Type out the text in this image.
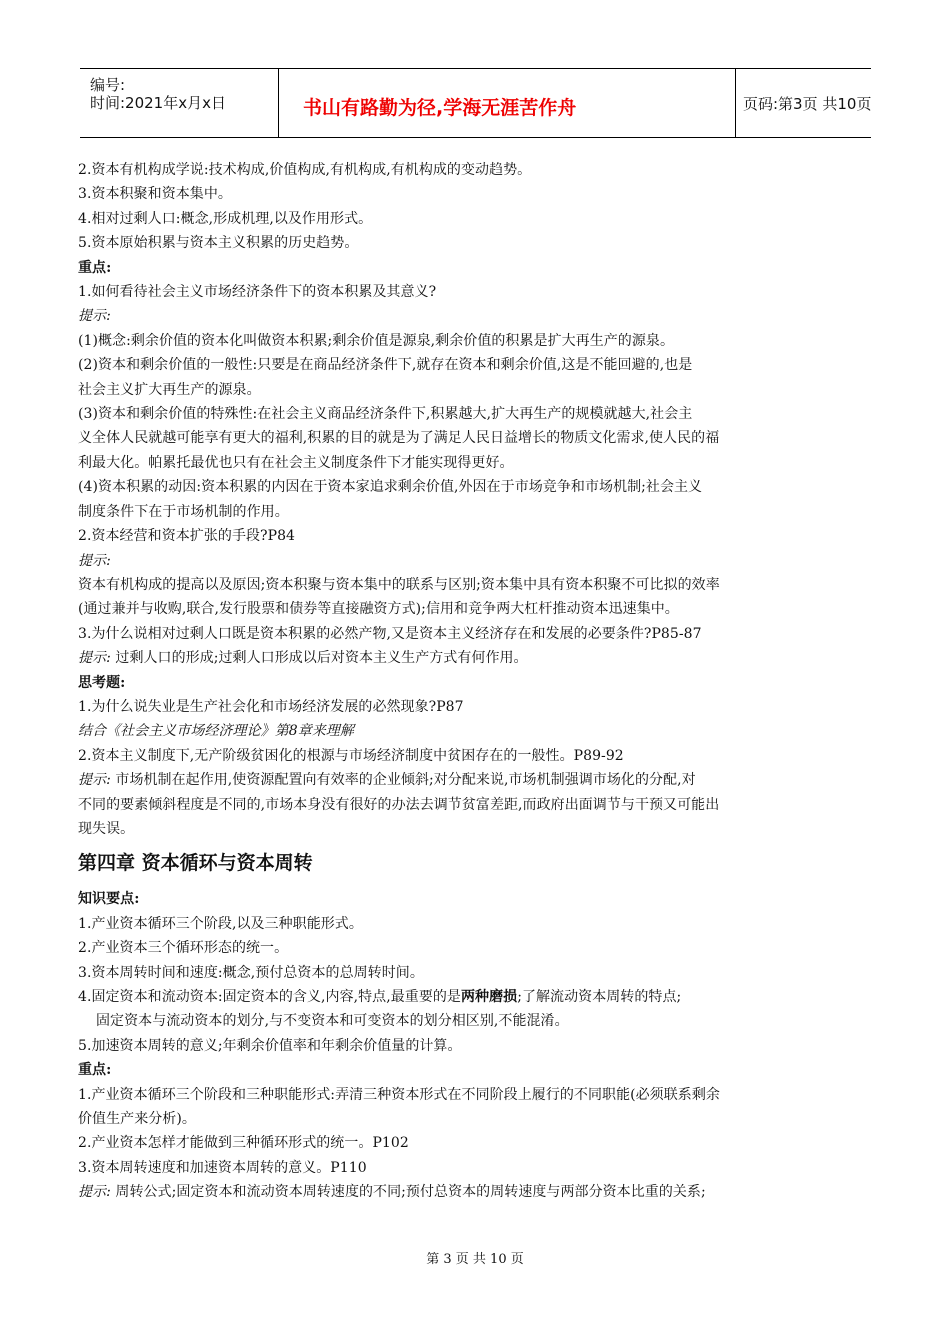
编号:
时间:2021年x月x日	书山有路勤为径,学海无涯苦作舟	页码:第3页 共10页
2.资本有机构成学说:技术构成,价值构成,有机构成,有机构成的变动趋势。
3.资本积聚和资本集中。
4.相对过剩人口:概念,形成机理,以及作用形式。
5.资本原始积累与资本主义积累的历史趋势。
重点:
1.如何看待社会主义市场经济条件下的资本积累及其意义?
提示:
(1)概念:剩余价值的资本化叫做资本积累;剩余价值是源泉,剩余价值的积累是扩大再生产的源泉。
(2)资本和剩余价值的一般性:只要是在商品经济条件下,就存在资本和剩余价值,这是不能回避的,也是
社会主义扩大再生产的源泉。
(3)资本和剩余价值的特殊性:在社会主义商品经济条件下,积累越大,扩大再生产的规模就越大,社会主
义全体人民就越可能享有更大的福利,积累的目的就是为了满足人民日益增长的物质文化需求,使人民的福
利最大化。帕累托最优也只有在社会主义制度条件下才能实现得更好。
(4)资本积累的动因:资本积累的内因在于资本家追求剩余价值,外因在于市场竞争和市场机制;社会主义
制度条件下在于市场机制的作用。
2.资本经营和资本扩张的手段?P84
提示:
资本有机构成的提高以及原因;资本积聚与资本集中的联系与区别;资本集中具有资本积聚不可比拟的效率
(通过兼并与收购,联合,发行股票和债券等直接融资方式);信用和竞争两大杠杆推动资本迅速集中。
3.为什么说相对过剩人口既是资本积累的必然产物,又是资本主义经济存在和发展的必要条件?P85-87
提示: 过剩人口的形成;过剩人口形成以后对资本主义生产方式有何作用。
思考题:
1.为什么说失业是生产社会化和市场经济发展的必然现象?P87
结合《社会主义市场经济理论》第8章来理解
2.资本主义制度下,无产阶级贫困化的根源与市场经济制度中贫困存在的一般性。P89-92
提示: 市场机制在起作用,使资源配置向有效率的企业倾斜;对分配来说,市场机制强调市场化的分配,对
不同的要素倾斜程度是不同的,市场本身没有很好的办法去调节贫富差距,而政府出面调节与干预又可能出
现失误。
第四章 资本循环与资本周转
知识要点:
1.产业资本循环三个阶段,以及三种职能形式。
2.产业资本三个循环形态的统一。
3.资本周转时间和速度:概念,预付总资本的总周转时间。
4.固定资本和流动资本:固定资本的含义,内容,特点,最重要的是两种磨损;了解流动资本周转的特点;
固定资本与流动资本的划分,与不变资本和可变资本的划分相区别,不能混淆。
5.加速资本周转的意义;年剩余价值率和年剩余价值量的计算。
重点:
1.产业资本循环三个阶段和三种职能形式:弄清三种资本形式在不同阶段上履行的不同职能(必须联系剩余
价值生产来分析)。
2.产业资本怎样才能做到三种循环形式的统一。P102
3.资本周转速度和加速资本周转的意义。P110
提示: 周转公式;固定资本和流动资本周转速度的不同;预付总资本的周转速度与两部分资本比重的关系;
第 3 页 共 10 页
